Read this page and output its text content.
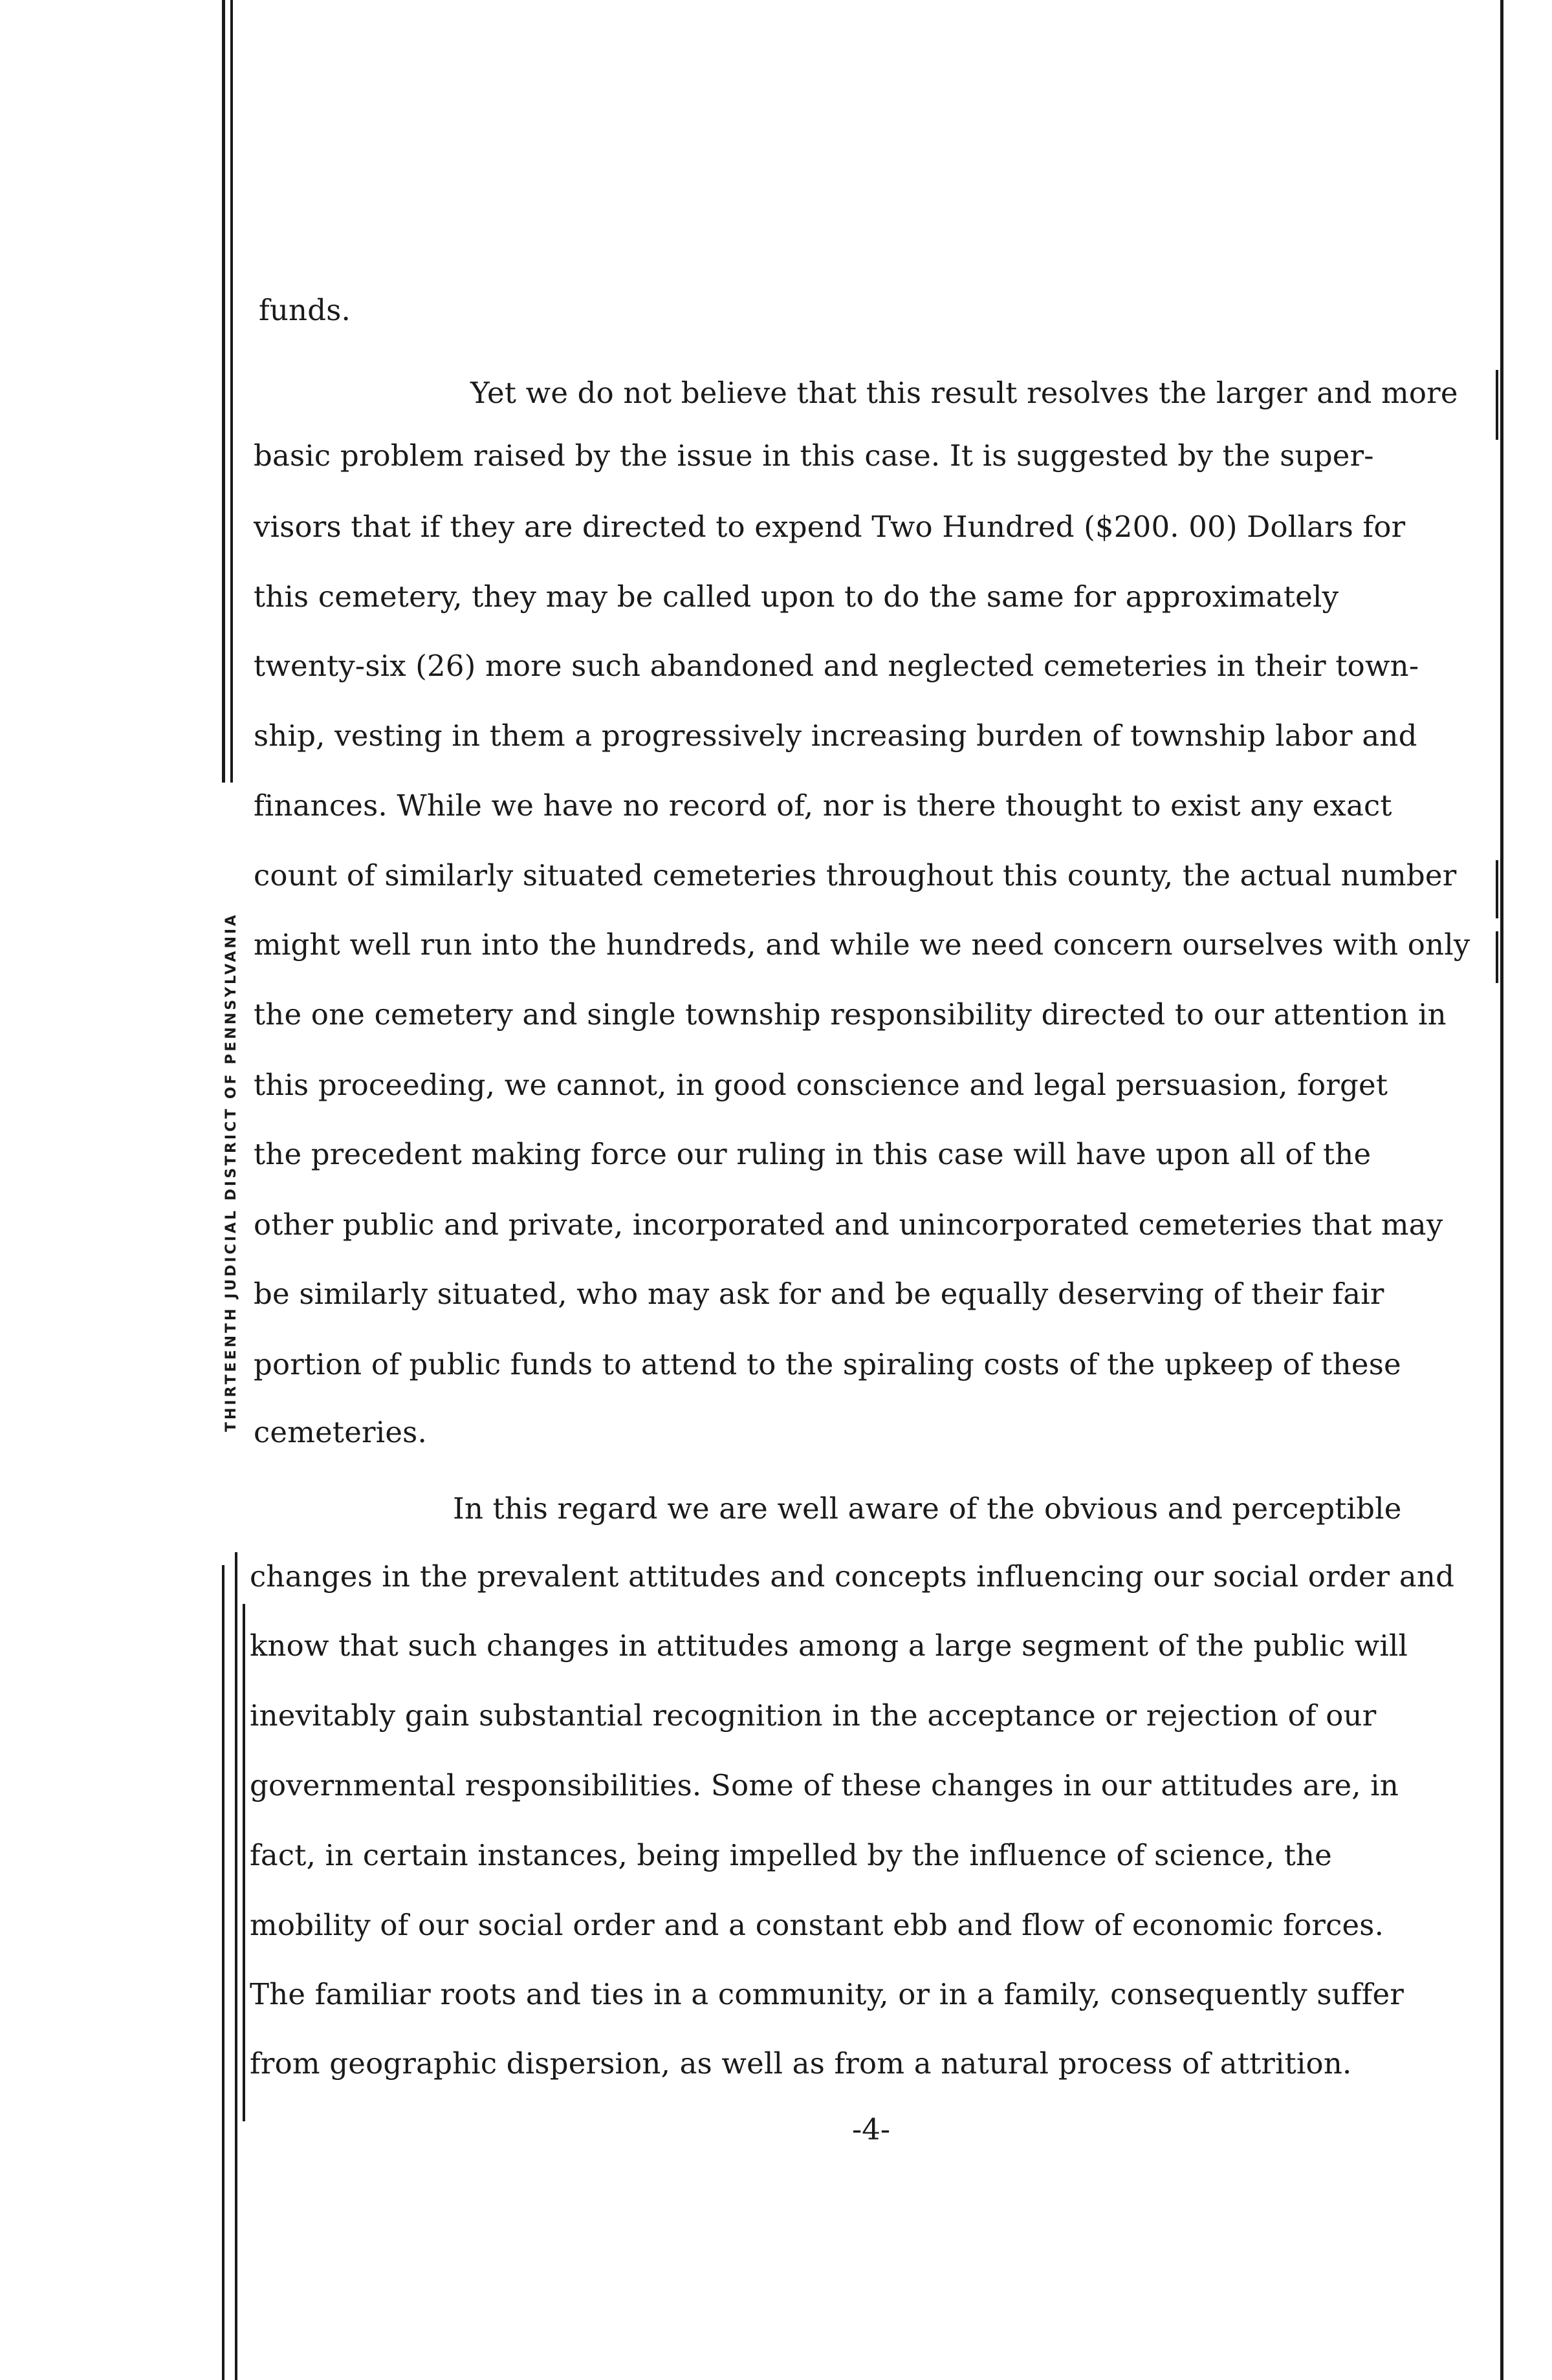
THIRTEENTH JUDICIAL DISTRICT OF PENNSYLVANIA
funds.
Yet we do not believe that this result resolves the larger and more
basic problem raised by the issue in this case. It is suggested by the super-
visors that if they are directed to expend Two Hundred ($200. 00) Dollars for
this cemetery, they may be called upon to do the same for approximately
twenty-six (26) more such abandoned and neglected cemeteries in their town-
ship, vesting in them a progressively increasing burden of township labor and
finances. While we have no record of, nor is there thought to exist any exact
count of similarly situated cemeteries throughout this county, the actual number
might well run into the hundreds, and while we need concern ourselves with only
the one cemetery and single township responsibility directed to our attention in
this proceeding, we cannot, in good conscience and legal persuasion, forget
the precedent making force our ruling in this case will have upon all of the
other public and private, incorporated and unincorporated cemeteries that may
be similarly situated, who may ask for and be equally deserving of their fair
portion of public funds to attend to the spiraling costs of the upkeep of these
cemeteries.
In this regard we are well aware of the obvious and perceptible
changes in the prevalent attitudes and concepts influencing our social order and
know that such changes in attitudes among a large segment of the public will
inevitably gain substantial recognition in the acceptance or rejection of our
governmental responsibilities. Some of these changes in our attitudes are, in
fact, in certain instances, being impelled by the influence of science, the
mobility of our social order and a constant ebb and flow of economic forces.
The familiar roots and ties in a community, or in a family, consequently suffer
from geographic dispersion, as well as from a natural process of attrition.
-4-
